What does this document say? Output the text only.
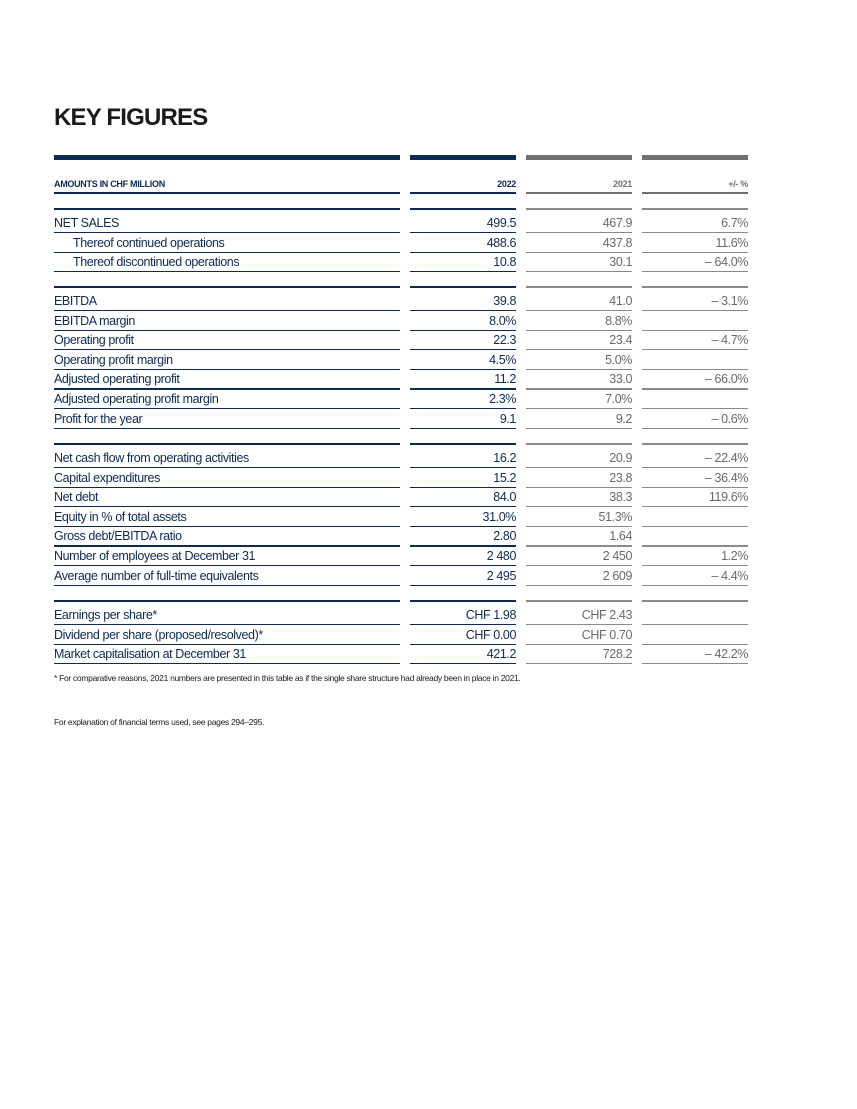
KEY FIGURES
AMOUNTS IN CHF MILLION	2022	2021	+/- %
NET SALES	499.5	467.9	6.7%
Thereof continued operations	488.6	437.8	11.6%
Thereof discontinued operations	10.8	30.1	– 64.0%
EBITDA	39.8	41.0	– 3.1%
EBITDA margin	8.0%	8.8%
Operating profit	22.3	23.4	– 4.7%
Operating profit margin	4.5%	5.0%
Adjusted operating profit	11.2	33.0	– 66.0%
Adjusted operating profit margin	2.3%	7.0%
Profit for the year	9.1	9.2	– 0.6%
Net cash flow from operating activities	16.2	20.9	– 22.4%
Capital expenditures	15.2	23.8	– 36.4%
Net debt	84.0	38.3	119.6%
Equity in % of total assets	31.0%	51.3%
Gross debt/EBITDA ratio	2.80	1.64
Number of employees at December 31	2 480	2 450	1.2%
Average number of full-time equivalents	2 495	2 609	– 4.4%
Earnings per share*	CHF 1.98	CHF 2.43
Dividend per share (proposed/resolved)*	CHF 0.00	CHF 0.70
Market capitalisation at December 31	421.2	728.2	– 42.2%
* For comparative reasons, 2021 numbers are presented in this table as if the single share structure had already been in place in 2021.
For explanation of financial terms used, see pages 294–295.
